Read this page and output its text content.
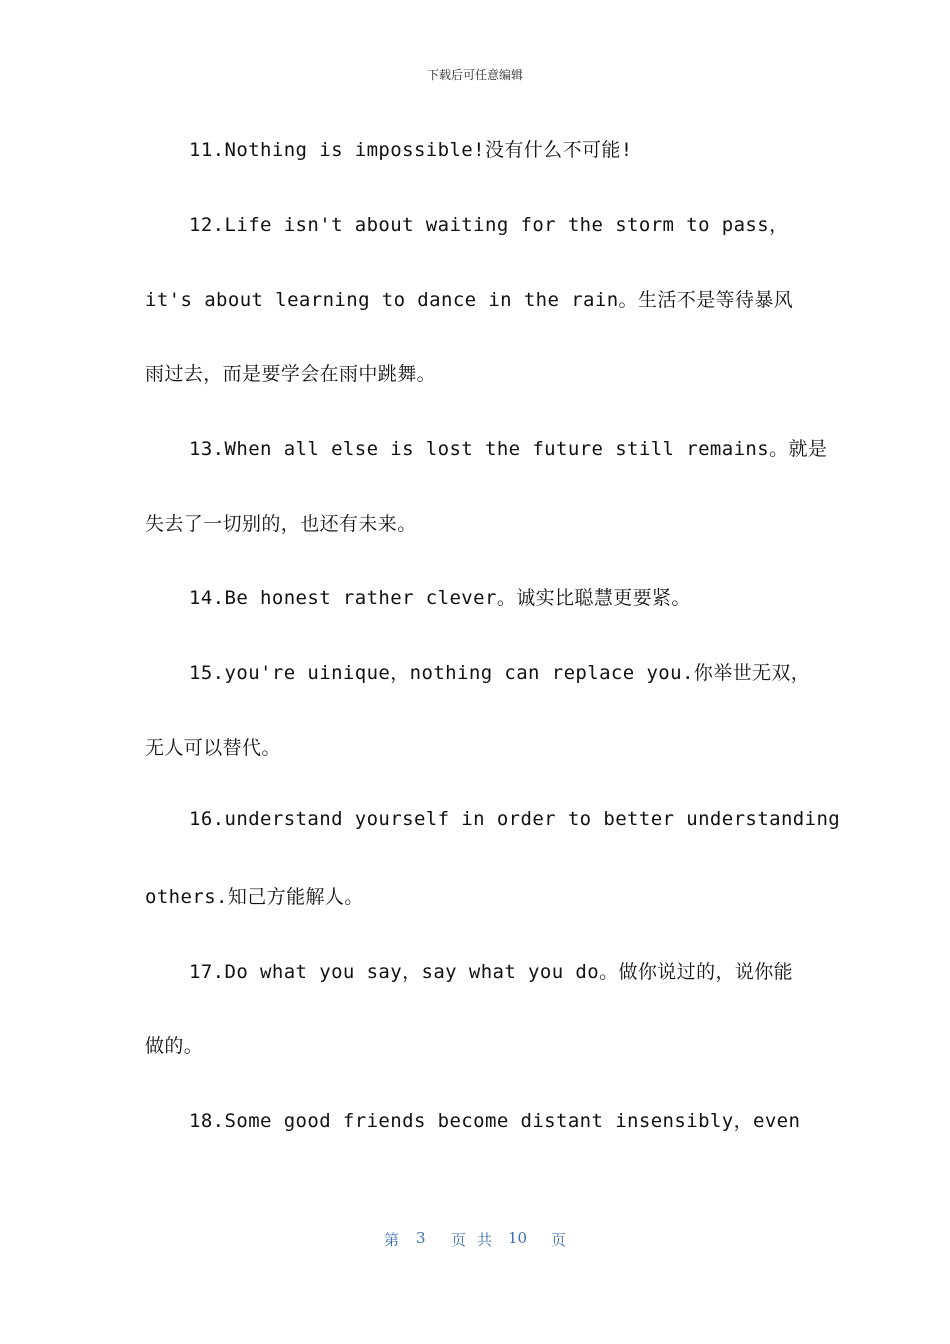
下载后可任意编辑
11.Nothing is impossible!没有什么不可能!
12.Life isn't about waiting for the storm to pass，
it's about learning to dance in the rain。生活不是等待暴风
雨过去，而是要学会在雨中跳舞。
13.When all else is lost the future still remains。就是
失去了一切别的，也还有未来。
14.Be honest rather clever。诚实比聪慧更要紧。
15.you're uinique，nothing can replace you.你举世无双，
无人可以替代。
16.understand yourself in order to better understanding
others.知己方能解人。
17.Do what you say，say what you do。做你说过的，说你能
做的。
18.Some good friends become distant insensibly，even
第 3 页 共 10 页
